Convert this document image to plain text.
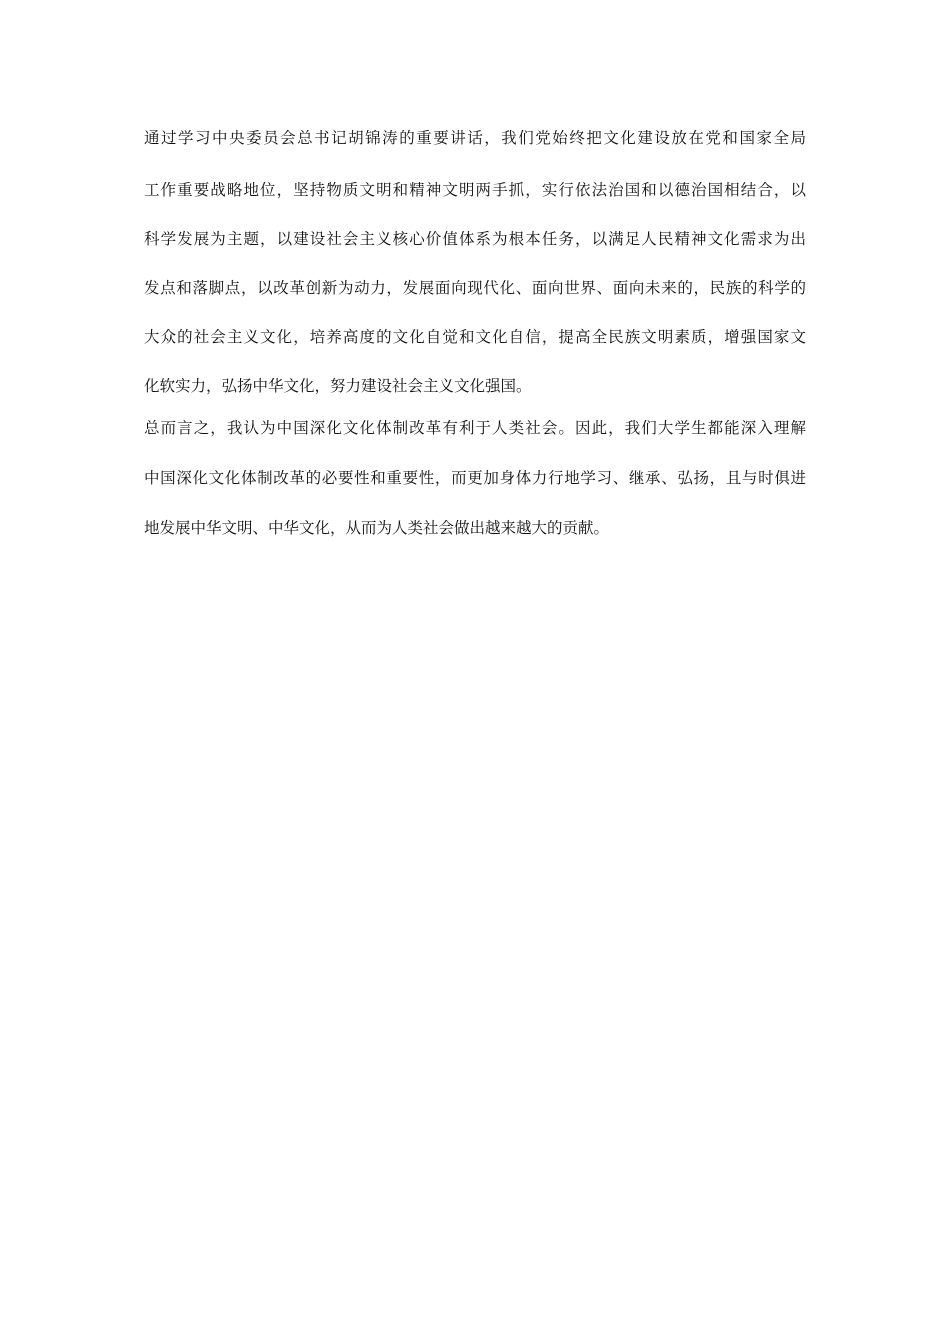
通过学习中央委员会总书记胡锦涛的重要讲话，我们党始终把文化建设放在党和国家全局
工作重要战略地位，坚持物质文明和精神文明两手抓，实行依法治国和以德治国相结合，以
科学发展为主题，以建设社会主义核心价值体系为根本任务，以满足人民精神文化需求为出
发点和落脚点，以改革创新为动力，发展面向现代化、面向世界、面向未来的，民族的科学的
大众的社会主义文化，培养高度的文化自觉和文化自信，提高全民族文明素质，增强国家文
化软实力，弘扬中华文化，努力建设社会主义文化强国。
总而言之，我认为中国深化文化体制改革有利于人类社会。因此，我们大学生都能深入理解
中国深化文化体制改革的必要性和重要性，而更加身体力行地学习、继承、弘扬，且与时俱进
地发展中华文明、中华文化，从而为人类社会做出越来越大的贡献。
